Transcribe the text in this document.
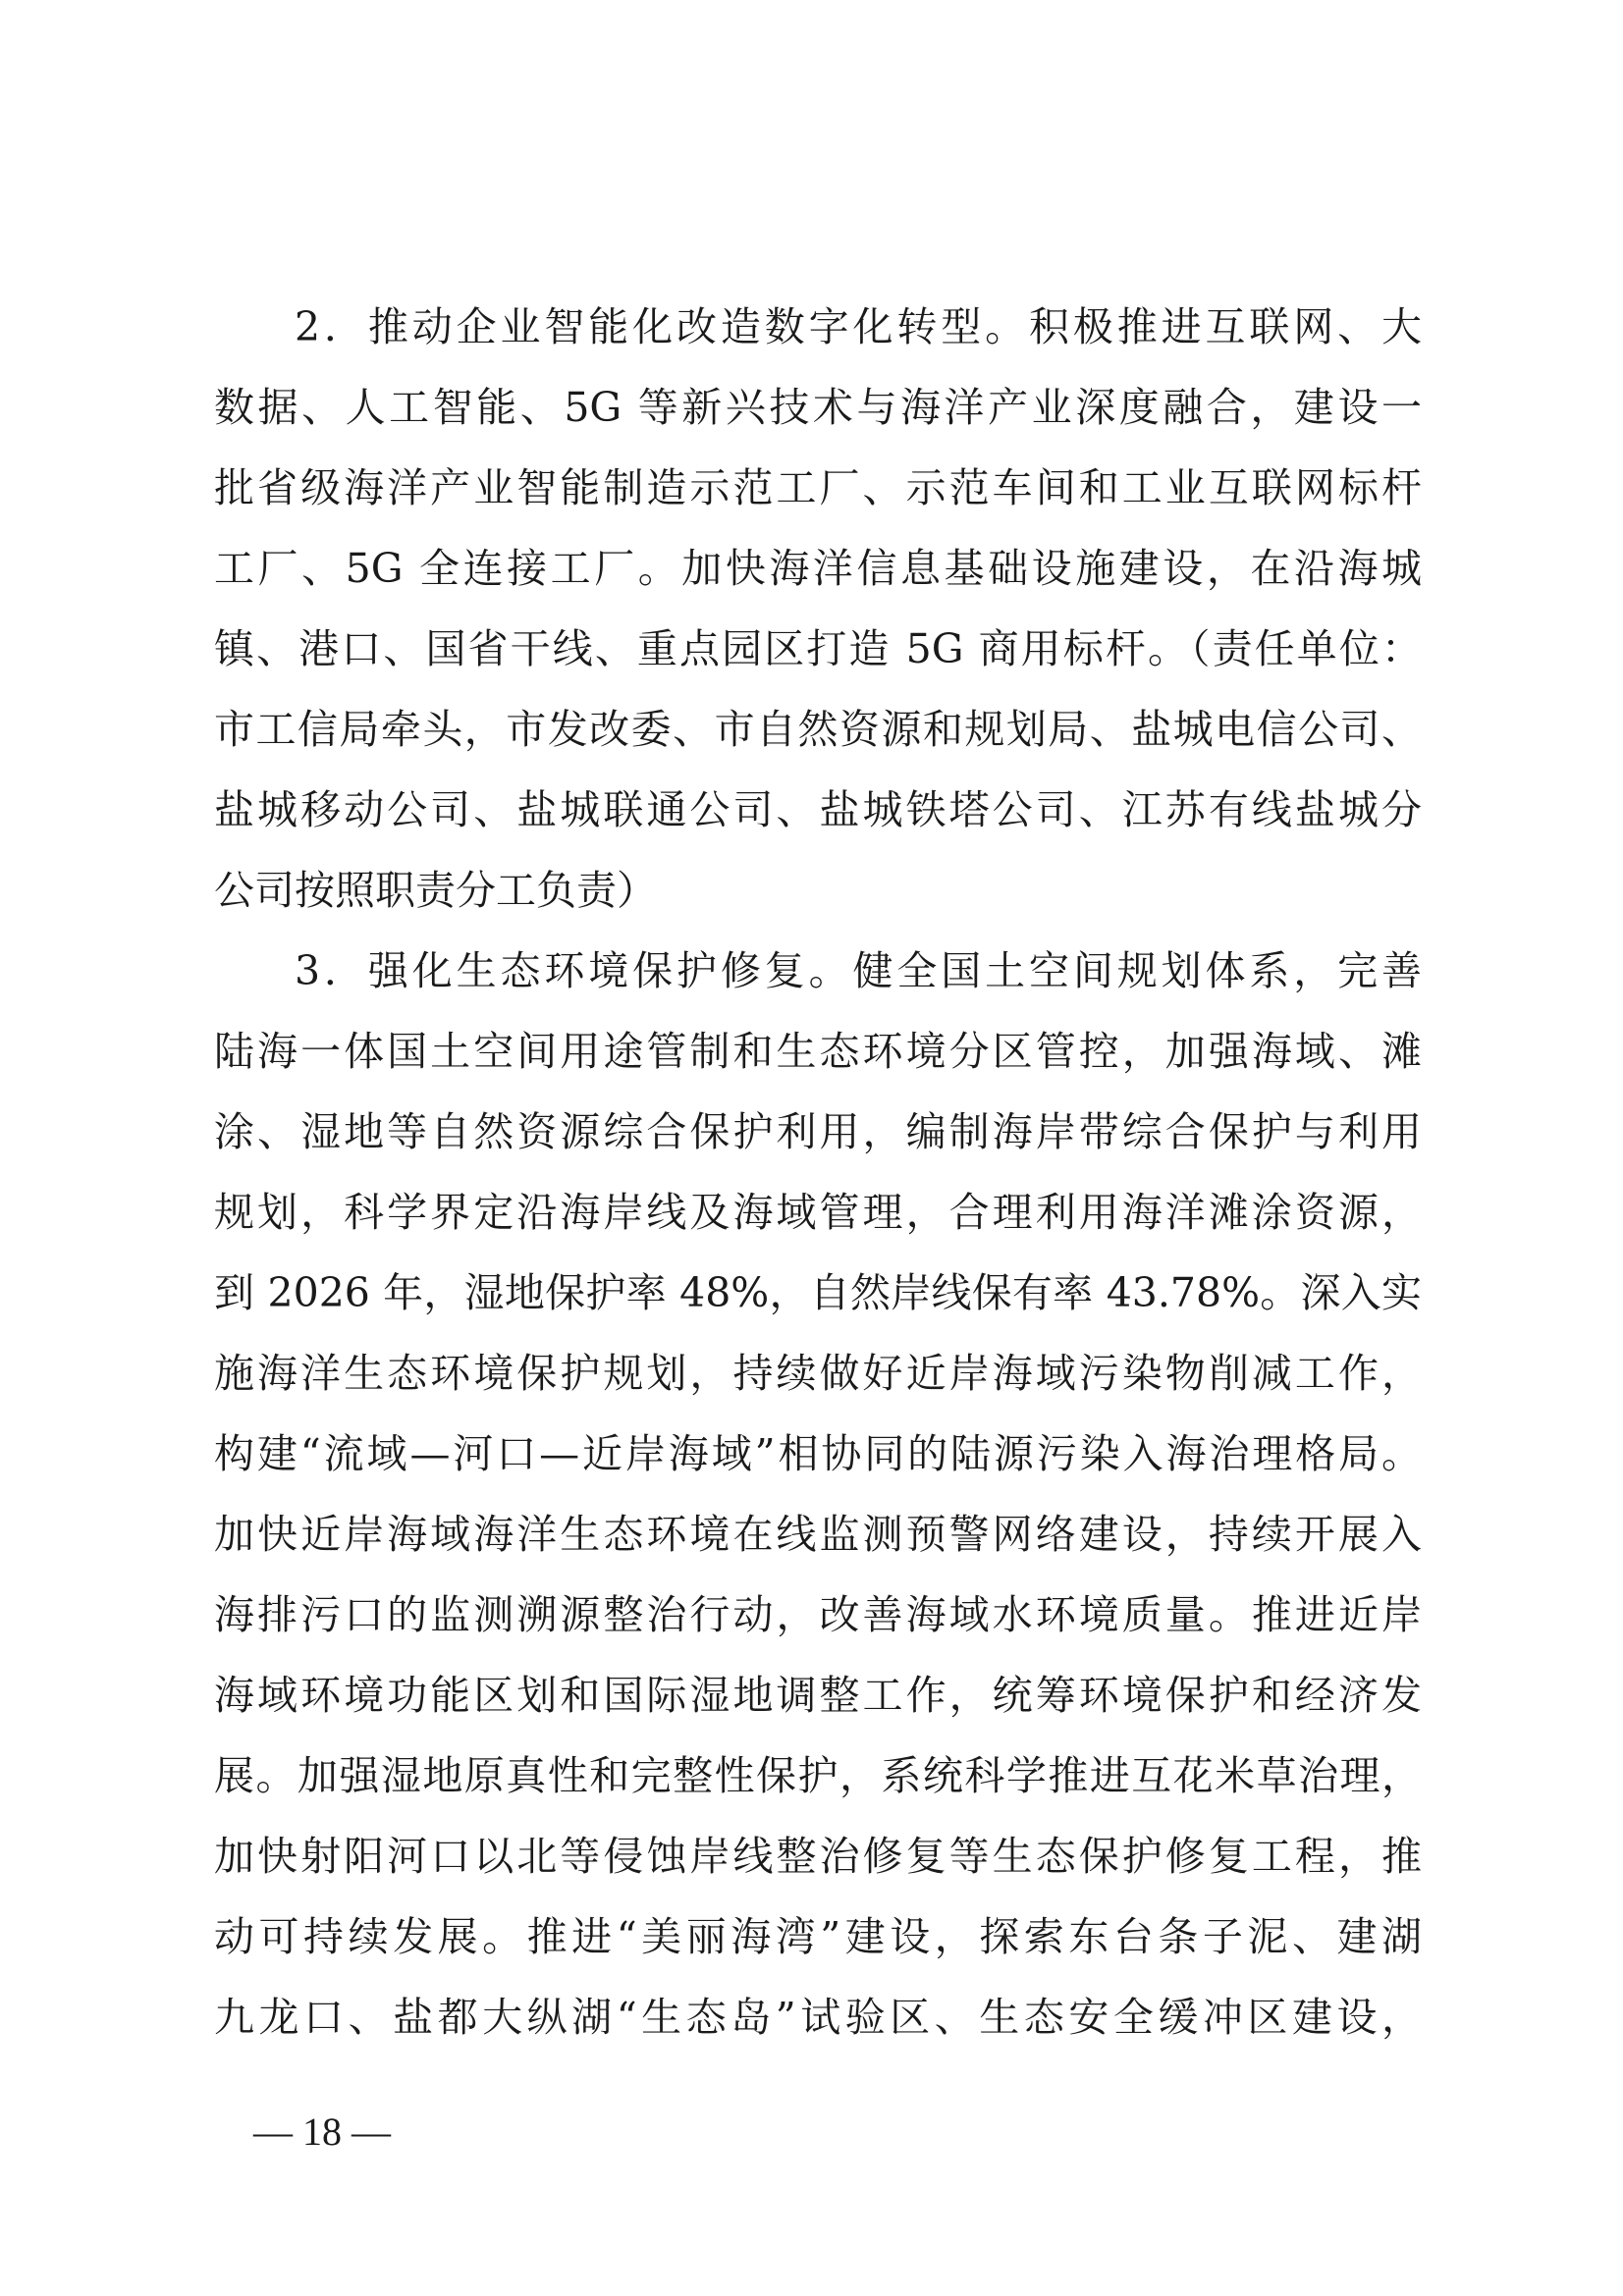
2．推动企业智能化改造数字化转型。积极推进互联网、大
数据、人工智能、5G 等新兴技术与海洋产业深度融合，建设一
批省级海洋产业智能制造示范工厂、示范车间和工业互联网标杆
工厂、5G 全连接工厂。加快海洋信息基础设施建设，在沿海城
镇、港口、国省干线、重点园区打造 5G 商用标杆。（责任单位：
市工信局牵头，市发改委、市自然资源和规划局、盐城电信公司、
盐城移动公司、盐城联通公司、盐城铁塔公司、江苏有线盐城分
公司按照职责分工负责）
3．强化生态环境保护修复。健全国土空间规划体系，完善
陆海一体国土空间用途管制和生态环境分区管控，加强海域、滩
涂、湿地等自然资源综合保护利用，编制海岸带综合保护与利用
规划，科学界定沿海岸线及海域管理，合理利用海洋滩涂资源，
到 2026 年，湿地保护率 48%，自然岸线保有率 43.78%。深入实
施海洋生态环境保护规划，持续做好近岸海域污染物削减工作，
构建“流域—河口—近岸海域”相协同的陆源污染入海治理格局。
加快近岸海域海洋生态环境在线监测预警网络建设，持续开展入
海排污口的监测溯源整治行动，改善海域水环境质量。推进近岸
海域环境功能区划和国际湿地调整工作，统筹环境保护和经济发
展。加强湿地原真性和完整性保护，系统科学推进互花米草治理，
加快射阳河口以北等侵蚀岸线整治修复等生态保护修复工程，推
动可持续发展。推进“美丽海湾”建设，探索东台条子泥、建湖
九龙口、盐都大纵湖“生态岛”试验区、生态安全缓冲区建设，
— 18 —
